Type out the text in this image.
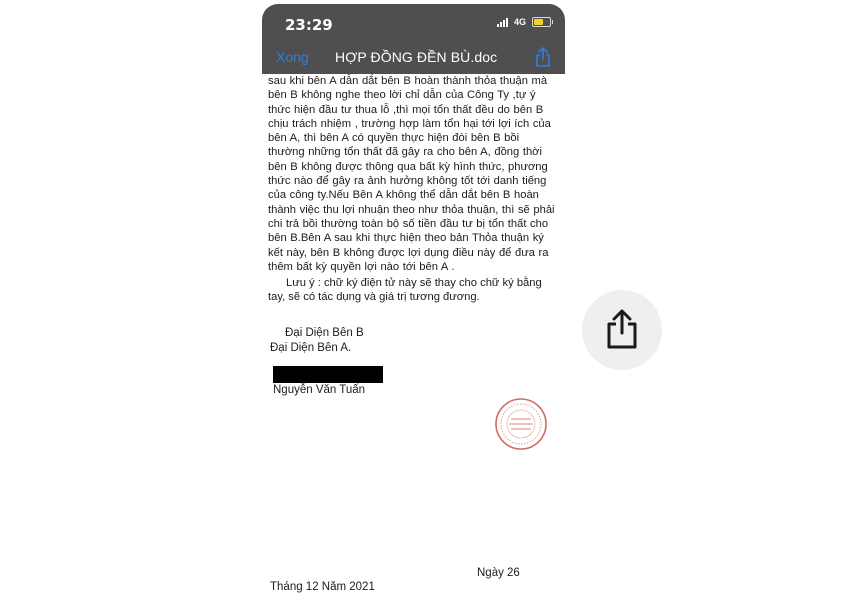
23:29	4G
Xong HỢP ĐỒNG ĐỀN BÙ.doc

sau khi bên A dẫn dắt bên B hoàn thành thỏa thuận mà bên B không nghe theo lời chỉ dẫn của Công Ty ,tự ý thức hiện đầu tư thua lỗ ,thì mọi tổn thất đều do bên B chịu trách nhiệm , trường hợp làm tổn hại tới lợi ích của bên A, thì bên A có quyền thực hiện đòi bên B bồi thường những tổn thất đã gây ra cho bên A, đồng thời bên B không được thông qua bất kỳ hình thức, phương thức nào để gây ra ảnh hưởng không tốt tới danh tiếng của công ty.Nếu Bên A không thể dẫn dắt bên B hoàn thành việc thu lợi nhuận theo như thỏa thuận, thì sẽ phải chi trả bồi thường toàn bộ số tiền đầu tư bị tổn thất cho bên B.Bên A sau khi thực hiện theo bản Thỏa thuận ký kết này, bên B không được lợi dụng điều này để đưa ra thêm bất kỳ quyền lợi nào tới bên A .

Lưu ý : chữ ký điện tử này sẽ thay cho chữ ký bằng tay, sẽ có tác dụng và giá trị tương đương.

Đại Diện Bên B
Đại Diện Bên A.
Nguyễn Văn Tuấn
Ngày 26
Tháng 12 Năm 2021
